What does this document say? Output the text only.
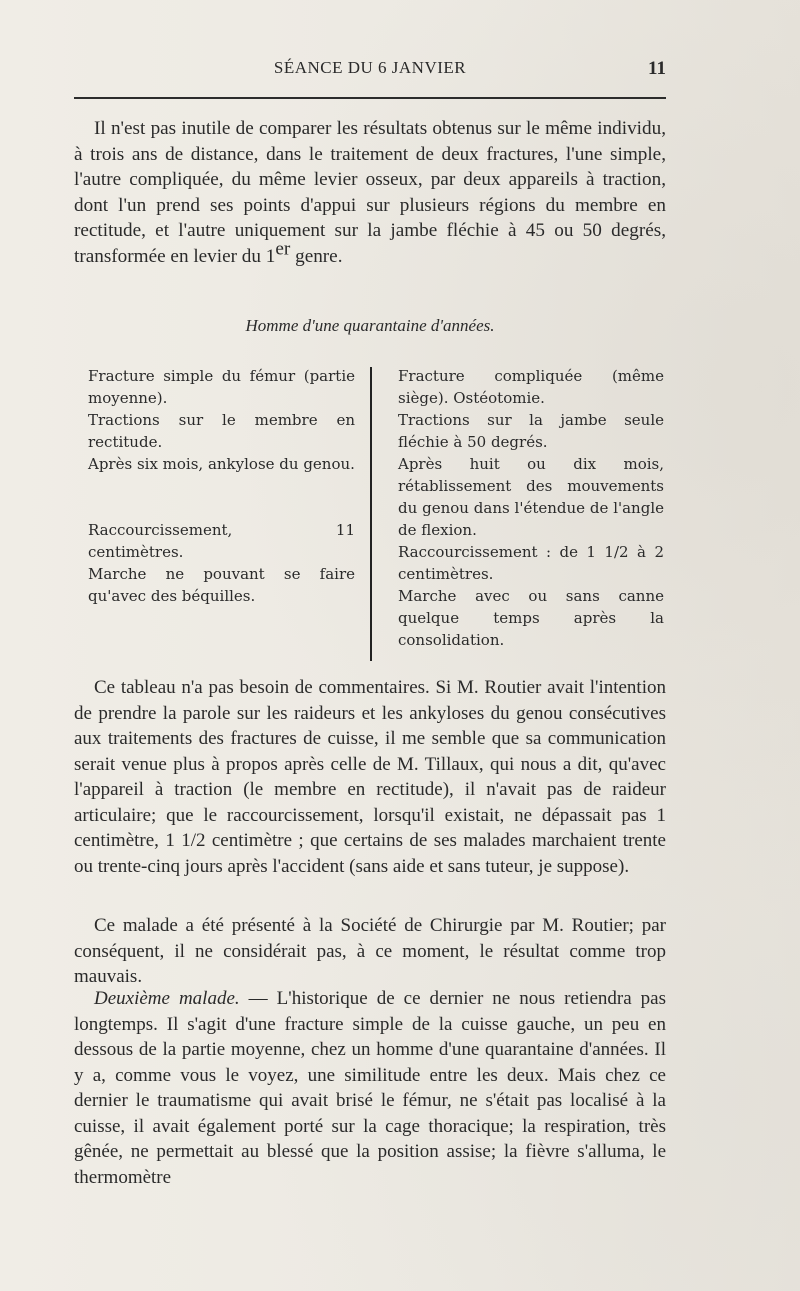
SÉANCE DU 6 JANVIER	11

Il n'est pas inutile de comparer les résultats obtenus sur le même individu, à trois ans de distance, dans le traitement de deux fractures, l'une simple, l'autre compliquée, du même levier osseux, par deux appareils à traction, dont l'un prend ses points d'appui sur plusieurs régions du membre en rectitude, et l'autre uniquement sur la jambe fléchie à 45 ou 50 degrés, transformée en levier du 1er genre.

Homme d'une quarantaine d'années.

Fracture simple du fémur (partie moyenne).

Tractions sur le membre en rectitude.

Après six mois, ankylose du genou.

Raccourcissement, 11 centimètres.

Marche ne pouvant se faire qu'avec des béquilles.

Fracture compliquée (même siège). Ostéotomie.

Tractions sur la jambe seule fléchie à 50 degrés.

Après huit ou dix mois, rétablissement des mouvements du genou dans l'étendue de l'angle de flexion.

Raccourcissement : de 1 1/2 à 2 centimètres.

Marche avec ou sans canne quelque temps après la consolidation.

Ce tableau n'a pas besoin de commentaires. Si M. Routier avait l'intention de prendre la parole sur les raideurs et les ankyloses du genou consécutives aux traitements des fractures de cuisse, il me semble que sa communication serait venue plus à propos après celle de M. Tillaux, qui nous a dit, qu'avec l'appareil à traction (le membre en rectitude), il n'avait pas de raideur articulaire; que le raccourcissement, lorsqu'il existait, ne dépassait pas 1 centimètre, 1 1/2 centimètre ; que certains de ses malades marchaient trente ou trente-cinq jours après l'accident (sans aide et sans tuteur, je suppose).

Ce malade a été présenté à la Société de Chirurgie par M. Routier; par conséquent, il ne considérait pas, à ce moment, le résultat comme trop mauvais.

Deuxième malade. — L'historique de ce dernier ne nous retiendra pas longtemps. Il s'agit d'une fracture simple de la cuisse gauche, un peu en dessous de la partie moyenne, chez un homme d'une quarantaine d'années. Il y a, comme vous le voyez, une similitude entre les deux. Mais chez ce dernier le traumatisme qui avait brisé le fémur, ne s'était pas localisé à la cuisse, il avait également porté sur la cage thoracique; la respiration, très gênée, ne permettait au blessé que la position assise; la fièvre s'alluma, le thermomètre
